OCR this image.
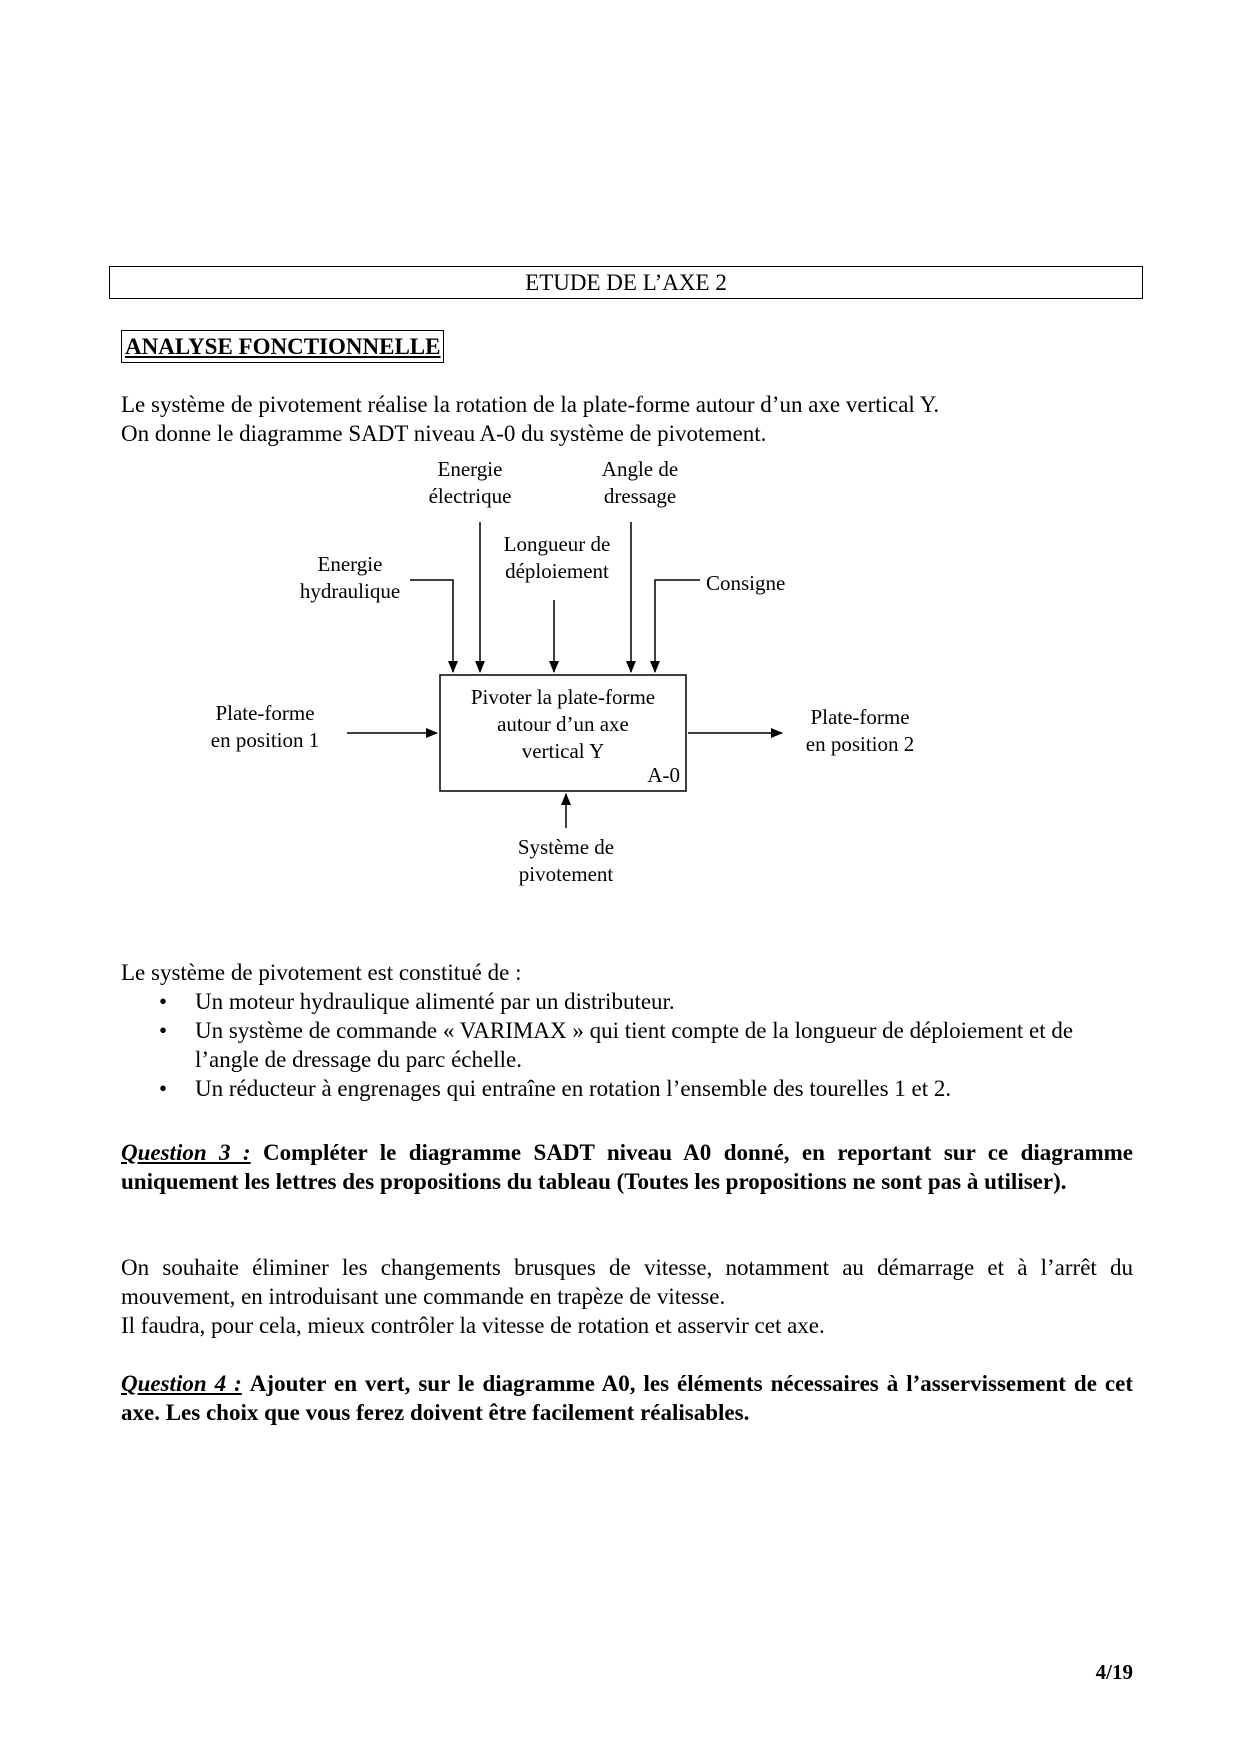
ETUDE DE L’AXE 2
ANALYSE FONCTIONNELLE
Le système de pivotement réalise la rotation de la plate-forme autour d’un axe vertical Y.
On donne le diagramme SADT niveau A-0 du système de pivotement.
Energie
électrique
Angle de
dressage
Energie
hydraulique
Longueur de
déploiement	Consigne
Pivoter la plate-forme
autour d’un axe
vertical Y
A-0
Plate-forme
en position 1
Plate-forme
en position 2
Système de
pivotement
Le système de pivotement est constitué de :
• Un moteur hydraulique alimenté par un distributeur.
• Un système de commande « VARIMAX » qui tient compte de la longueur de déploiement et de l’angle de dressage du parc échelle.
• Un réducteur à engrenages qui entraîne en rotation l’ensemble des tourelles 1 et 2.
Question 3 : Compléter le diagramme SADT niveau A0 donné, en reportant sur ce diagramme uniquement les lettres des propositions du tableau (Toutes les propositions ne sont pas à utiliser).
On souhaite éliminer les changements brusques de vitesse, notamment au démarrage et à l’arrêt du mouvement, en introduisant une commande en trapèze de vitesse.
Il faudra, pour cela, mieux contrôler la vitesse de rotation et asservir cet axe.
Question 4 : Ajouter en vert, sur le diagramme A0, les éléments nécessaires à l’asservissement de cet axe. Les choix que vous ferez doivent être facilement réalisables.
4/19
